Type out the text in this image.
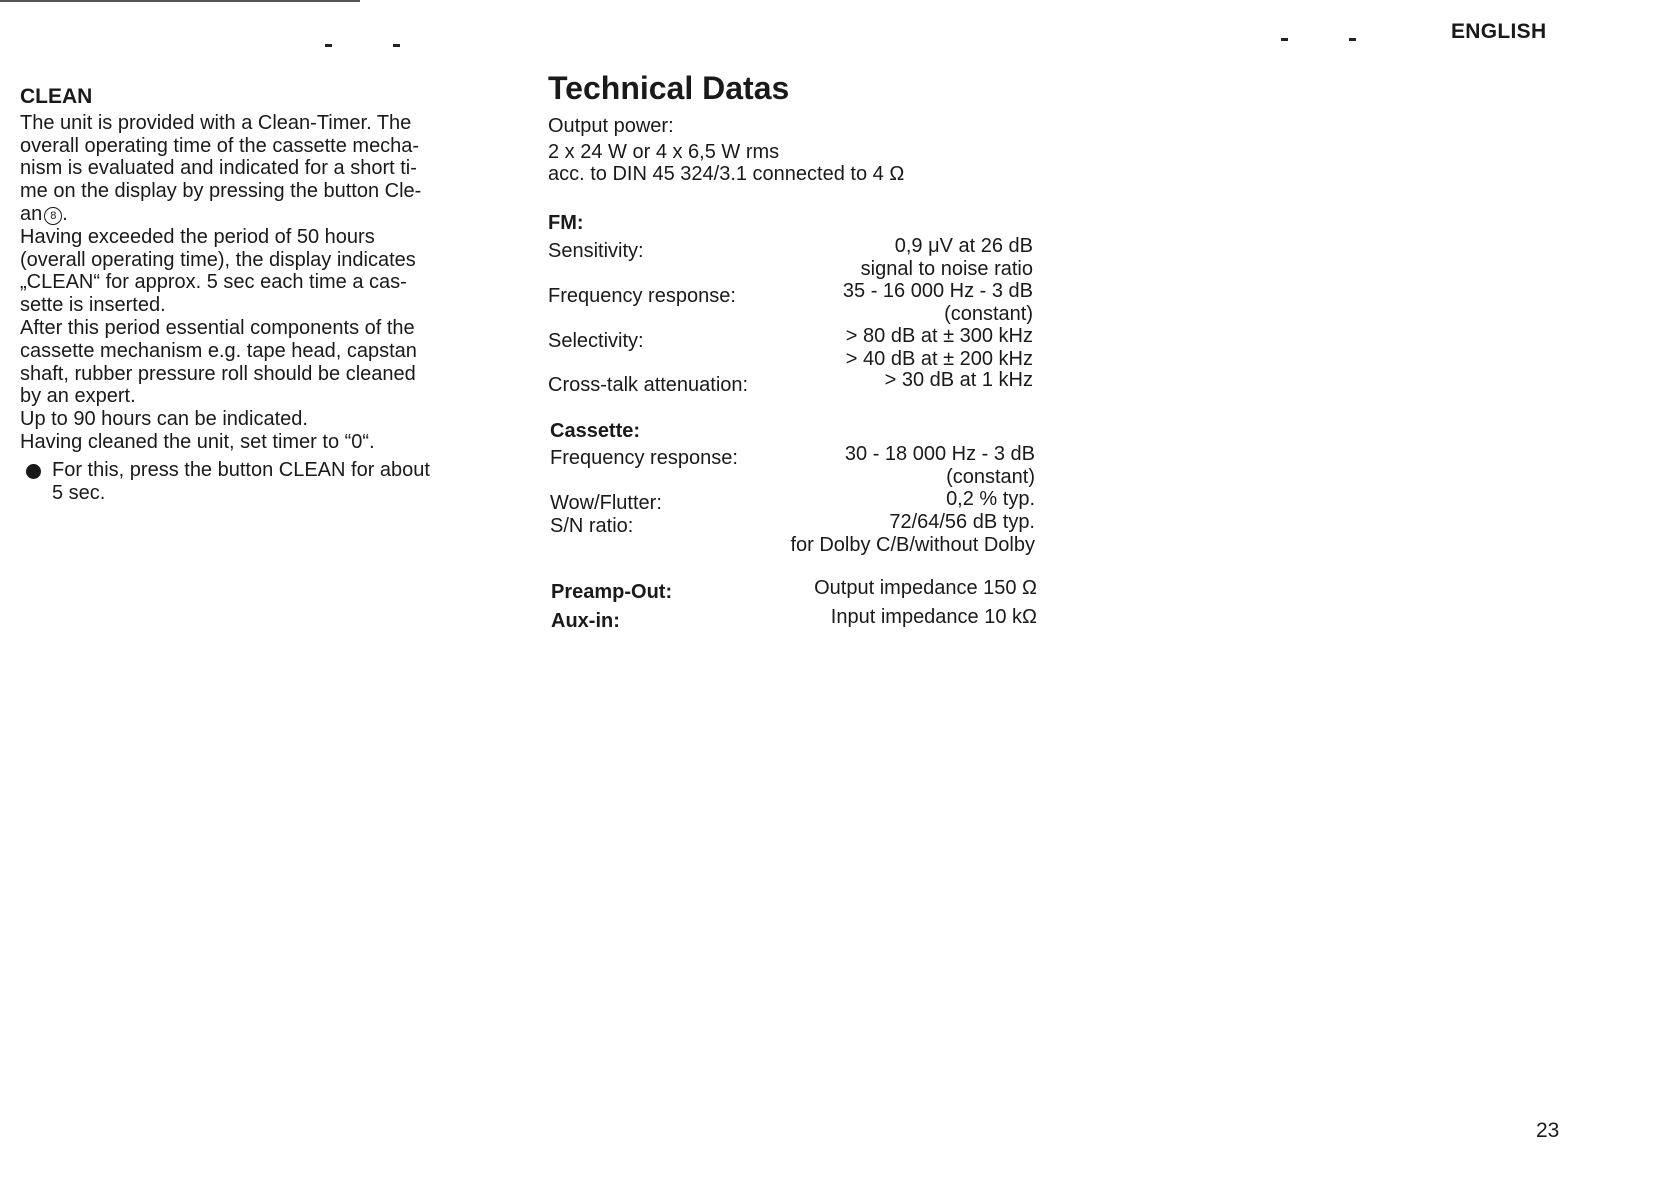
ENGLISH
CLEAN

The unit is provided with a Clean-Timer. The

overall operating time of the cassette mecha-

nism is evaluated and indicated for a short ti-

me on the display by pressing the button Cle-

an 8 .

Having exceeded the period of 50 hours

(overall operating time), the display indicates

„CLEAN“ for approx. 5 sec each time a cas-

sette is inserted.

After this period essential components of the

cassette mechanism e.g. tape head, capstan

shaft, rubber pressure roll should be cleaned

by an expert.

Up to 90 hours can be indicated.

Having cleaned the unit, set timer to “0“.

For this, press the button CLEAN for about

5 sec.

Technical Datas
Output power:
2 x 24 W or 4 x 6,5 W rms
acc. to DIN 45 324/3.1 connected to 4 Ω
FM:
Sensitivity:	0,9 μV at 26 dB
signal to noise ratio
Frequency response:	35 - 16 000 Hz - 3 dB
(constant)
Selectivity:	> 80 dB at ± 300 kHz
> 40 dB at ± 200 kHz
Cross-talk attenuation:	> 30 dB at 1 kHz
Cassette:
Frequency response:	30 - 18 000 Hz - 3 dB
(constant)
Wow/Flutter:	0,2 % typ.
S/N ratio:	72/64/56 dB typ.
for Dolby C/B/without Dolby
Preamp-Out:	Output impedance 150 Ω
Aux-in:	Input impedance 10 kΩ
23
